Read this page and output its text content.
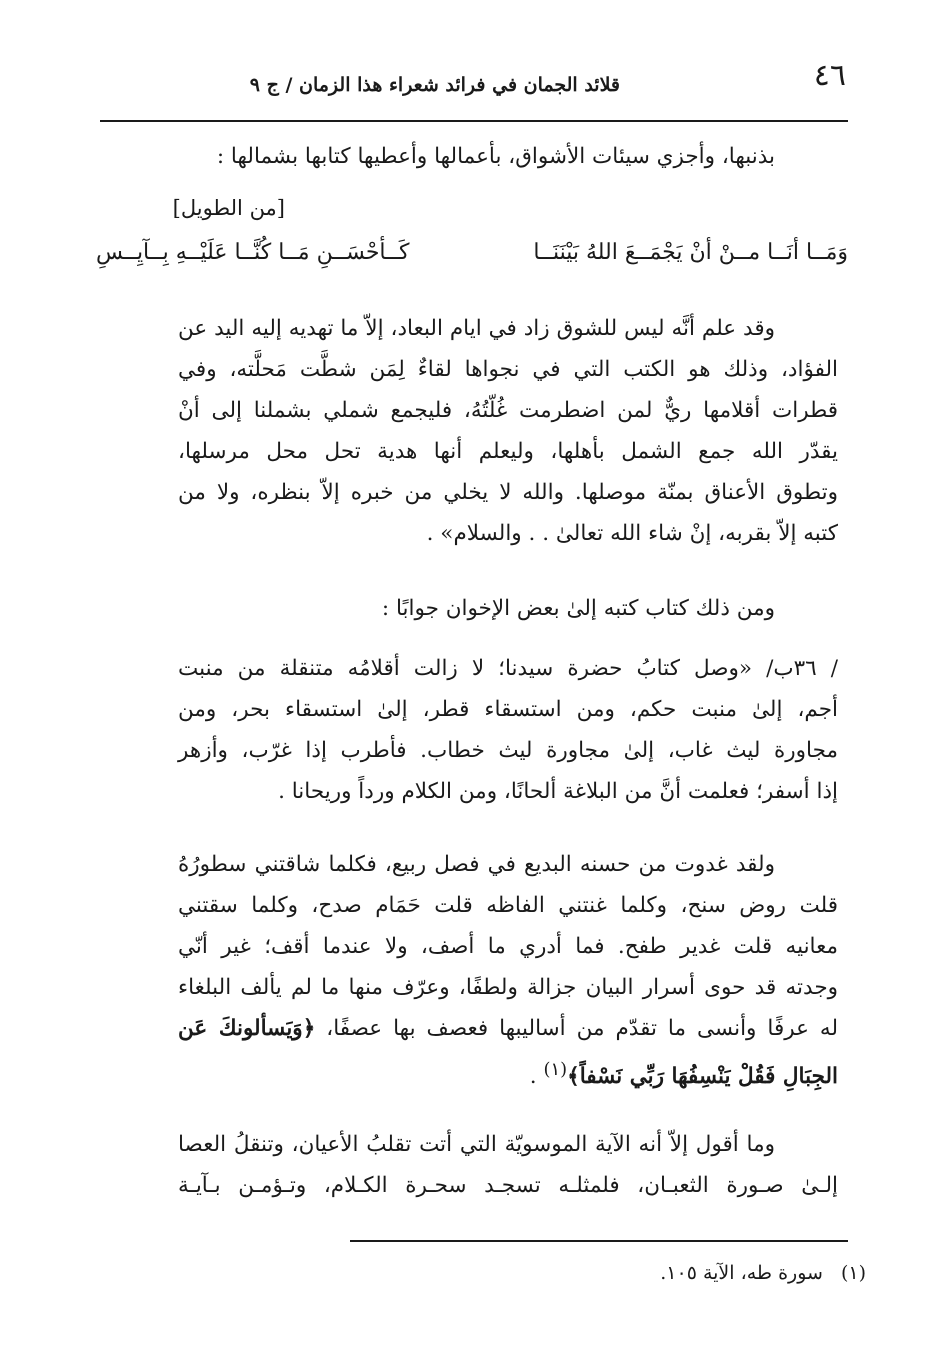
٤٦
قلائد الجمان في فرائد شعراء هذا الزمان / ج ٩
بذنبها، وأجزي سيئات الأشواق، بأعمالها وأعطيها كتابها بشمالها :
[من الطويل]
وَمَــا أنَــا مــنْ أنْ يَجْمَــعَ اللهُ بَيْنَنَــا
كَــأحْسَــنِ مَــا كُنَّــا عَلَيْــهِ بِــآيِــسِ
وقد علم أنَّه ليس للشوق زاد في ايام البعاد، إلاّ ما تهديه إليه اليد عن
الفؤاد، وذلك هو الكتب التي في نجواها لقاءٌ لِمَن شطَّت مَحلَّته، وفي
قطرات أقلامها ريٌّ لمن اضطرمت غُلّتُهُ، فليجمع شملي بشملنا إلى أنْ
يقدّر الله جمع الشمل بأهلها، وليعلم أنها هدية تحل محل مرسلها،
وتطوق الأعناق بمنّة موصلها. والله لا يخلي من خبره إلاّ بنظره، ولا من
كتبه إلاّ بقربه، إنْ شاء الله تعالىٰ . . والسلام» .
ومن ذلك كتاب كتبه إلىٰ بعض الإخوان جوابًا :
/ ٣٦ب/ «وصل كتابُ حضرة سيدنا؛ لا زالت أقلامُه متنقلة من منبت
أجم، إلىٰ منبت حكم، ومن استسقاء قطر، إلىٰ استسقاء بحر، ومن
مجاورة ليث غاب، إلىٰ مجاورة ليث خطاب. فأطرب إذا غرّب، وأزهر
إذا أسفر؛ فعلمت أنَّ من البلاغة ألحانًا، ومن الكلام ورداً وريحانا .
ولقد غدوت من حسنه البديع في فصل ربيع، فكلما شاقتني سطورُهُ
قلت روض سنح، وكلما غنتني الفاظه قلت حَمَام صدح، وكلما سقتني
معانيه قلت غدير طفح. فما أدري ما أصف، ولا عندما أقف؛ غير أنّي
وجدته قد حوى أسرار البيان جزالة ولطفًا، وعرّف منها ما لم يألف البلغاء
له عرفًا وأنسى ما تقدّم من أساليبها فعصف بها عصفًا، ﴿وَيَسألونكَ عَن
الجِبَالِ فَقُلْ يَنْسِفُهَا رَبِّي نَسْفاً﴾$^{(١)}$ .
وما أقول إلاّ أنه الآية الموسويّة التي أتت تقلبُ الأعيان، وتنقلُ العصا
إلـىٰ صـورة الثعبـان، فلمثلـه تسجـد سحـرة الكـلام، وتـؤمـن بـآيـة
(١)سورة طه، الآية ١٠٥.
